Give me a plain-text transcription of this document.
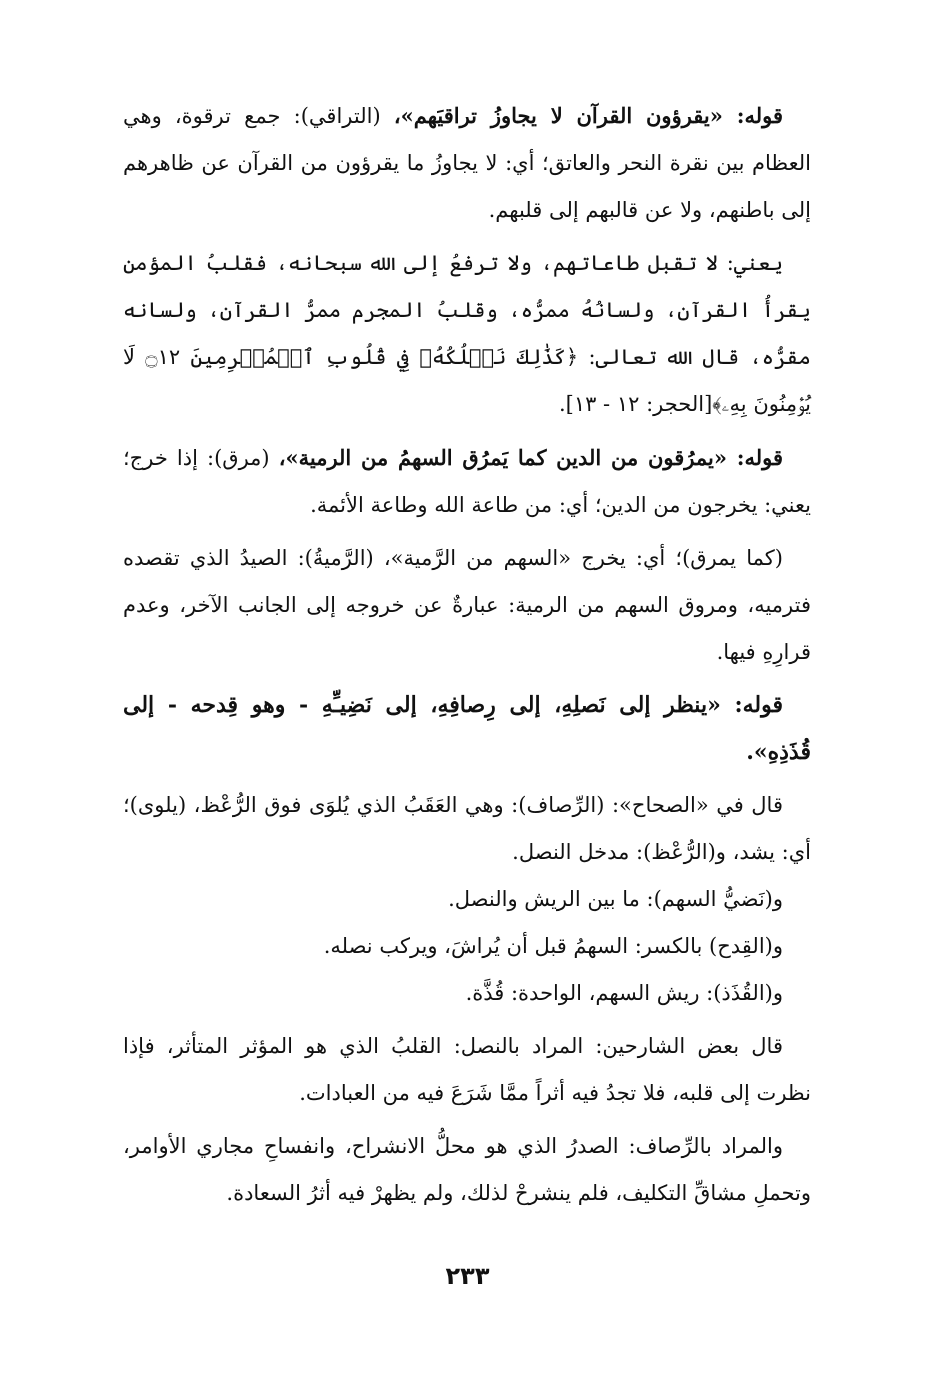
قوله: «يقرؤون القرآن لا يجاوزُ تراقيَهم»، (التراقي): جمع ترقوة، وهي العظام بين نقرة النحر والعاتق؛ أي: لا يجاوزُ ما يقرؤون من القرآن عن ظاهرهم إلى باطنهم، ولا عن قالبهم إلى قلبهم.

يعني: لا تقبل طاعاتهم، ولا ترفعُ إلى الله سبحانه، فقلبُ المؤمن يقرأُ القرآن، ولسانُهُ ممرُّه، وقلبُ المجرم ممرُّ القرآن، ولسانه مقرُّه، قال الله تعالى: ﴿كَذَٰلِكَ نَسۡلُكُهُۥ فِي قُلُوبِ ٱلۡمُجۡرِمِينَ ۝١٢ لَا يُؤۡمِنُونَ بِهِۦ﴾[الحجر: ١٢ - ١٣].

قوله: «يمرُقون من الدين كما يَمرُق السهمُ من الرمية»، (مرق): إذا خرج؛ يعني: يخرجون من الدين؛ أي: من طاعة الله وطاعة الأئمة.

(كما يمرق)؛ أي: يخرج «السهم من الرَّمية»، (الرَّميةُ): الصيدُ الذي تقصده فترميه، ومروق السهم من الرمية: عبارةٌ عن خروجه إلى الجانب الآخر، وعدم قرارِهِ فيها.

قوله: «ينظر إلى نَصلِهِ، إلى رِصافِهِ، إلى نَضِيـِّهِ - وهو قِدحه - إلى قُذَذِهِ».

قال في «الصحاح»: (الرِّصاف): وهي العَقَبُ الذي يُلوَى فوق الرُّعْظ، (يلوى)؛ أي: يشد، و(الرُّعْظ): مدخل النصل.

و(نَضيُّ السهم): ما بين الريش والنصل.

و(القِدح) بالكسر: السهمُ قبل أن يُراشَ، ويركب نصله.

و(القُذَذ): ريش السهم، الواحدة: قُذَّة.

قال بعض الشارحين: المراد بالنصل: القلبُ الذي هو المؤثر المتأثر، فإذا نظرت إلى قلبه، فلا تجدُ فيه أثراً ممَّا شَرَعَ فيه من العبادات.

والمراد بالرِّصاف: الصدرُ الذي هو محلُّ الانشراح، وانفساحِ مجاري الأوامر، وتحملِ مشاقِّ التكليف، فلم ينشرحْ لذلك، ولم يظهرْ فيه أثرُ السعادة.

٢٣٣
